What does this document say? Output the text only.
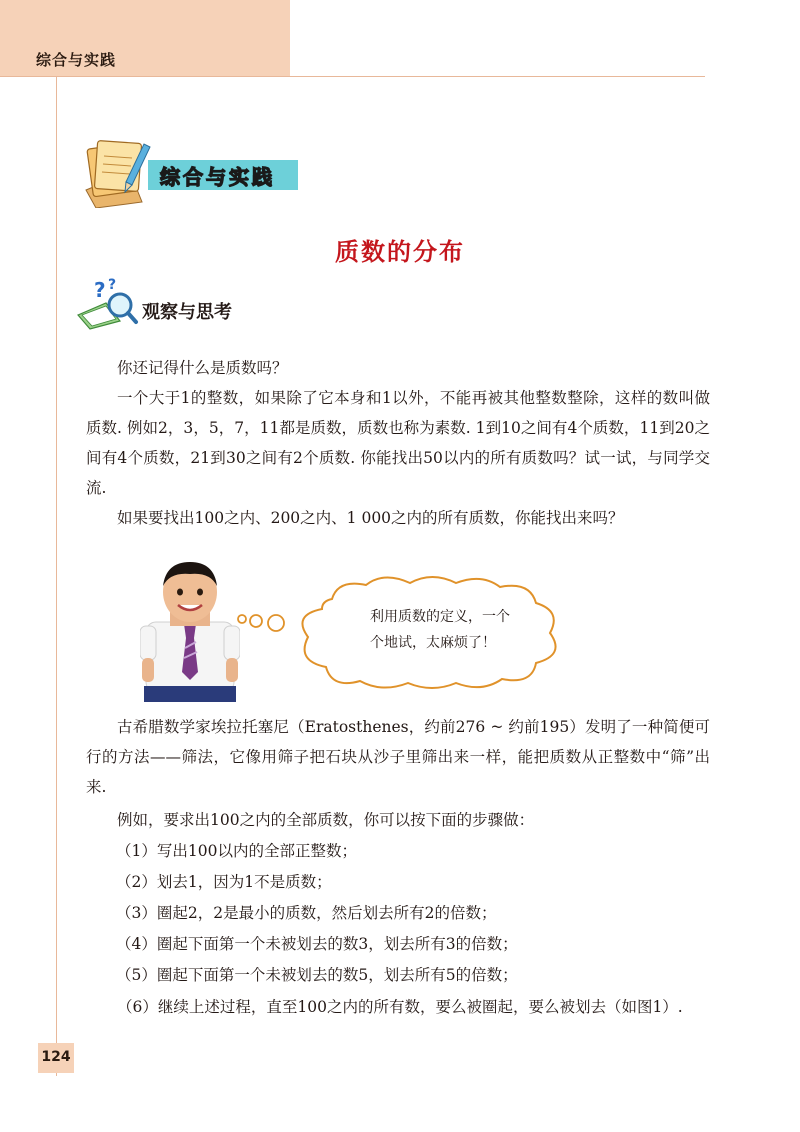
综合与实践
综合与实践
质数的分布
? ?
观察与思考

你还记得什么是质数吗？

一个大于1的整数，如果除了它本身和1以外，不能再被其他整数整除，这样的数叫做质数. 例如2，3，5，7，11都是质数，质数也称为素数. 1到10之间有4个质数，11到20之间有4个质数，21到30之间有2个质数. 你能找出50以内的所有质数吗？试一试，与同学交流.

如果要找出100之内、200之内、1 000之内的所有质数，你能找出来吗？

利用质数的定义，一个
个地试，太麻烦了！

古希腊数学家埃拉托塞尼（Eratosthenes，约前276 ~ 约前195）发明了一种简便可行的方法——筛法，它像用筛子把石块从沙子里筛出来一样，能把质数从正整数中“筛”出来.

例如，要求出100之内的全部质数，你可以按下面的步骤做：

（1）写出100以内的全部正整数；

（2）划去1，因为1不是质数；

（3）圈起2，2是最小的质数，然后划去所有2的倍数；

（4）圈起下面第一个未被划去的数3，划去所有3的倍数；

（5）圈起下面第一个未被划去的数5，划去所有5的倍数；

（6）继续上述过程，直至100之内的所有数，要么被圈起，要么被划去（如图1）.

124
